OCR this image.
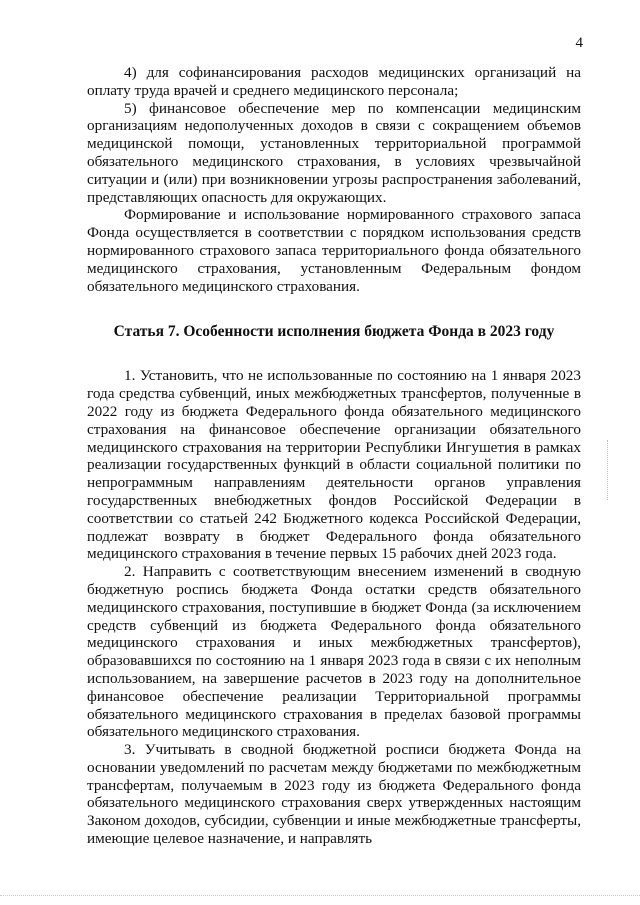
4

4) для софинансирования расходов медицинских организаций на оплату труда врачей и среднего медицинского персонала;

5) финансовое обеспечение мер по компенсации медицинским организациям недополученных доходов в связи с сокращением объемов медицинской помощи, установленных территориальной программой обязательного медицинского страхования, в условиях чрезвычайной ситуации и (или) при возникновении угрозы распространения заболеваний, представляющих опасность для окружающих.

Формирование и использование нормированного страхового запаса Фонда осуществляется в соответствии с порядком использования средств нормированного страхового запаса территориального фонда обязательного медицинского страхования, установленным Федеральным фондом обязательного медицинского страхования.

Статья 7. Особенности исполнения бюджета Фонда в 2023 году

1. Установить, что не использованные по состоянию на 1 января 2023 года средства субвенций, иных межбюджетных трансфертов, полученные в 2022 году из бюджета Федерального фонда обязательного медицинского страхования на финансовое обеспечение организации обязательного медицинского страхования на территории Республики Ингушетия в рамках реализации государственных функций в области социальной политики по непрограммным направлениям деятельности органов управления государственных внебюджетных фондов Российской Федерации в соответствии со статьей 242 Бюджетного кодекса Российской Федерации, подлежат возврату в бюджет Федерального фонда обязательного медицинского страхования в течение первых 15 рабочих дней 2023 года.

2. Направить с соответствующим внесением изменений в сводную бюджетную роспись бюджета Фонда остатки средств обязательного медицинского страхования, поступившие в бюджет Фонда (за исключением средств субвенций из бюджета Федерального фонда обязательного медицинского страхования и иных межбюджетных трансфертов), образовавшихся по состоянию на 1 января 2023 года в связи с их неполным использованием, на завершение расчетов в 2023 году на дополнительное финансовое обеспечение реализации Территориальной программы обязательного медицинского страхования в пределах базовой программы обязательного медицинского страхования.

3. Учитывать в сводной бюджетной росписи бюджета Фонда на основании уведомлений по расчетам между бюджетами по межбюджетным трансфертам, получаемым в 2023 году из бюджета Федерального фонда обязательного медицинского страхования сверх утвержденных настоящим Законом доходов, субсидии, субвенции и иные межбюджетные трансферты, имеющие целевое назначение, и направлять
